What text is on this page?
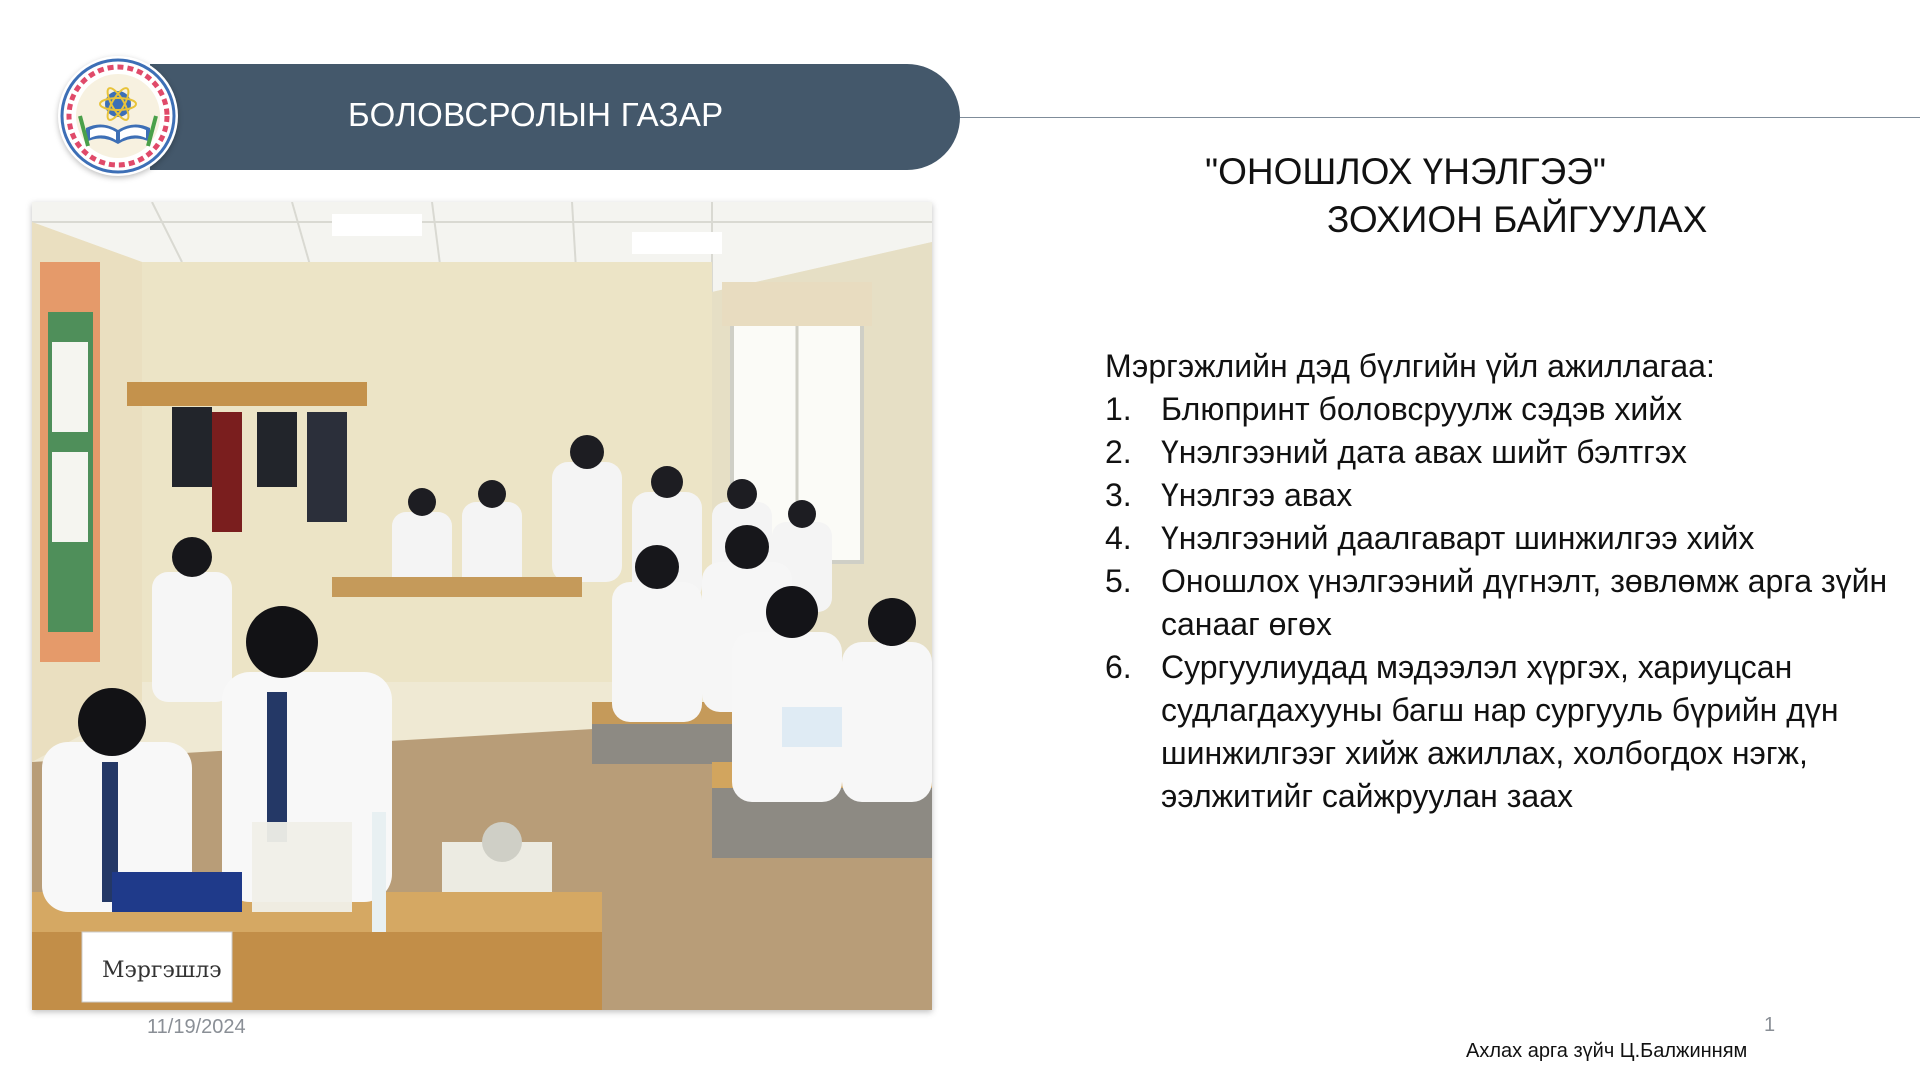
БОЛОВСРОЛЫН ГАЗАР
Мэргэшлэ
"ОНОШЛОХ ҮНЭЛГЭЭ"
ЗОХИОН БАЙГУУЛАХ
Мэргэжлийн дэд бүлгийн үйл ажиллагаа:
1. Блюпринт боловсруулж сэдэв хийх
2. Үнэлгээний дата авах шийт бэлтгэх
3. Үнэлгээ авах
4. Үнэлгээний даалгаварт шинжилгээ хийх
5. Оношлох үнэлгээний дүгнэлт, зөвлөмж арга зүйн санааг өгөх
6. Сургуулиудад мэдээлэл хүргэх, хариуцсан судлагдахууны багш нар сургууль бүрийн дүн шинжилгээг хийж ажиллах, холбогдох нэгж, ээлжитийг сайжруулан заах
11/19/2024	1
Ахлах арга зүйч Ц.Балжинням
